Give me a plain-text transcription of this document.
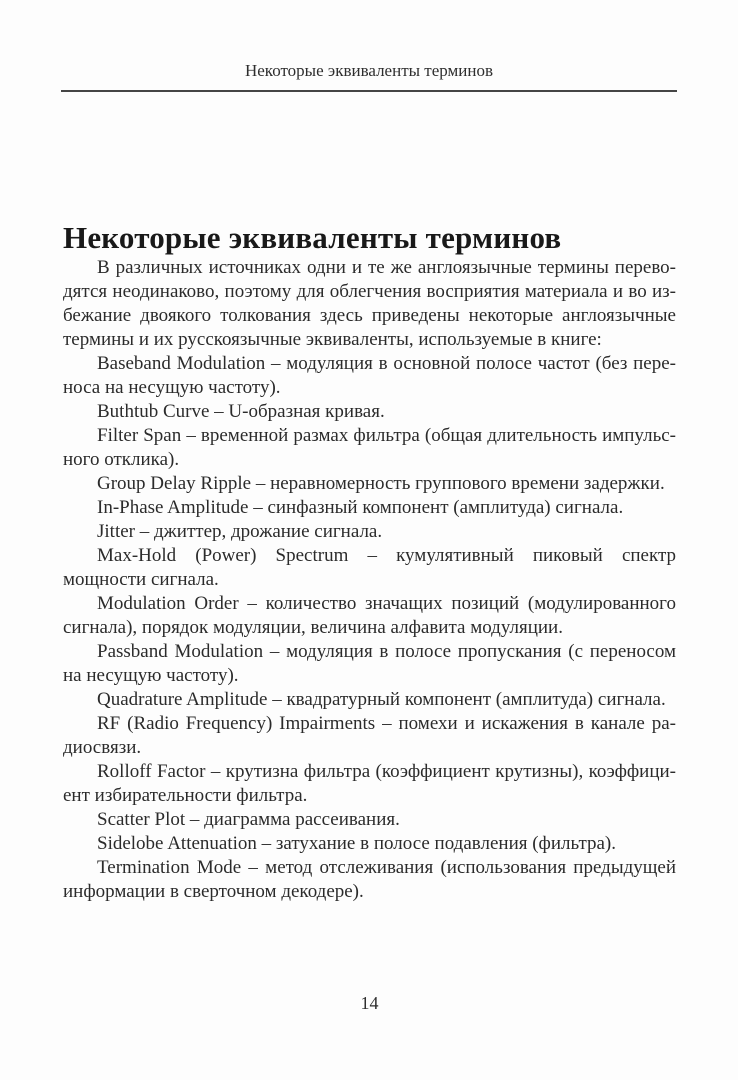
Некоторые эквиваленты терминов
Некоторые эквиваленты терминов

В различных источниках одни и те же англоязычные термины переводятся неодинаково, поэтому для облегчения восприятия материала и во избежание двоякого толкования здесь приведены некоторые англоязычные термины и их русскоязычные эквиваленты, используемые в книге:

Baseband Modulation – модуляция в основной полосе частот (без переноса на несущую частоту).

Buthtub Curve – U-образная кривая.

Filter Span – временной размах фильтра (общая длительность импульсного отклика).

Group Delay Ripple – неравномерность группового времени задержки.

In-Phase Amplitude – синфазный компонент (амплитуда) сигнала.

Jitter – джиттер, дрожание сигнала.

Max-Hold (Power) Spectrum – кумулятивный пиковый спектр мощности сигнала.

Modulation Order – количество значащих позиций (модулированного сигнала), порядок модуляции, величина алфавита модуляции.

Passband Modulation – модуляция в полосе пропускания (с переносом на несущую частоту).

Quadrature Amplitude – квадратурный компонент (амплитуда) сигнала.

RF (Radio Frequency) Impairments – помехи и искажения в канале радиосвязи.

Rolloff Factor – крутизна фильтра (коэффициент крутизны), коэффициент избирательности фильтра.

Scatter Plot – диаграмма рассеивания.

Sidelobe Attenuation – затухание в полосе подавления (фильтра).

Termination Mode – метод отслеживания (использования предыдущей информации в сверточном декодере).

14
